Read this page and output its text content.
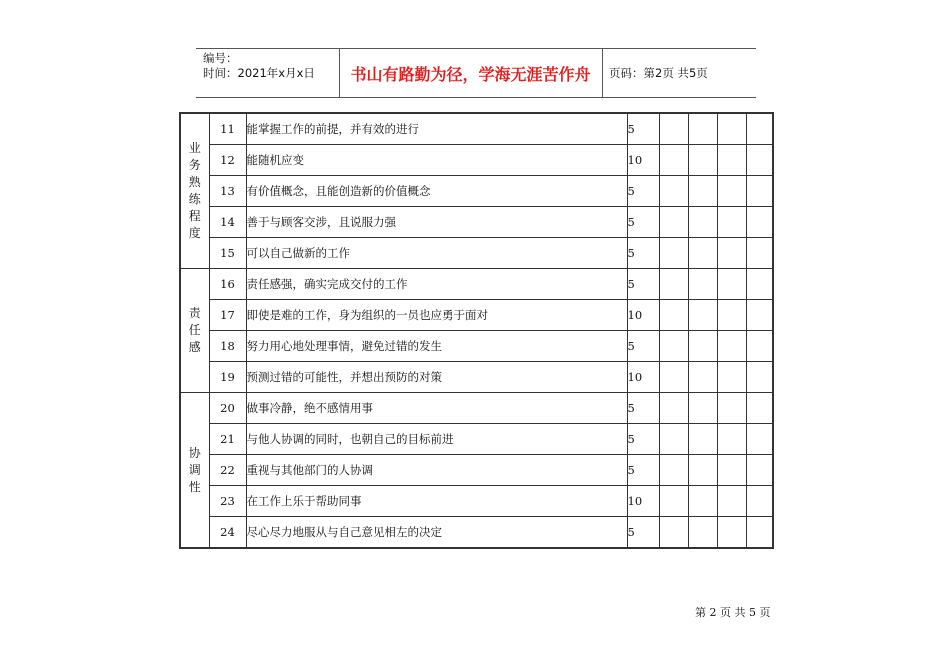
编号：
时间：2021年x月x日	书山有路勤为径，学海无涯苦作舟	页码：第2页 共5页
业务熟练程度	11	能掌握工作的前提，并有效的进行	5				
	12	能随机应变	10				
	13	有价值概念，且能创造新的价值概念	5				
	14	善于与顾客交涉，且说服力强	5				
	15	可以自己做新的工作	5				
责任感	16	责任感强，确实完成交付的工作	5				
	17	即使是难的工作，身为组织的一员也应勇于面对	10				
	18	努力用心地处理事情，避免过错的发生	5				
	19	预测过错的可能性，并想出预防的对策	10				
协调性	20	做事冷静，绝不感情用事	5				
	21	与他人协调的同时，也朝自己的目标前进	5				
	22	重视与其他部门的人协调	5				
	23	在工作上乐于帮助同事	10				
	24	尽心尽力地服从与自己意见相左的决定	5				
第 2 页 共 5 页
